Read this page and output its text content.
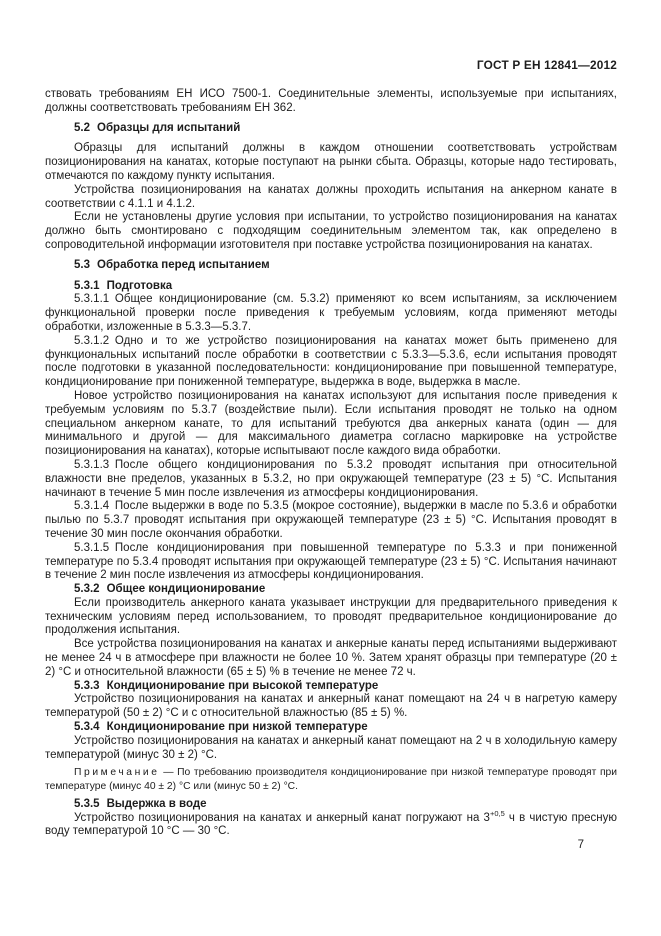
ГОСТ Р ЕН 12841—2012

ствовать требованиям ЕН ИСО 7500-1. Соединительные элементы, используемые при испытаниях, должны соответствовать требованиям ЕН 362.

5.2 Образцы для испытаний

Образцы для испытаний должны в каждом отношении соответствовать устройствам позиционирования на канатах, которые поступают на рынки сбыта. Образцы, которые надо тестировать, отмечаются по каждому пункту испытания.

Устройства позиционирования на канатах должны проходить испытания на анкерном канате в соответствии с 4.1.1 и 4.1.2.

Если не установлены другие условия при испытании, то устройство позиционирования на канатах должно быть смонтировано с подходящим соединительным элементом так, как определено в сопроводительной информации изготовителя при поставке устройства позиционирования на канатах.

5.3 Обработка перед испытанием
5.3.1 Подготовка

5.3.1.1 Общее кондиционирование (см. 5.3.2) применяют ко всем испытаниям, за исключением функциональной проверки после приведения к требуемым условиям, когда применяют методы обработки, изложенные в 5.3.3—5.3.7.

5.3.1.2 Одно и то же устройство позиционирования на канатах может быть применено для функциональных испытаний после обработки в соответствии с 5.3.3—5.3.6, если испытания проводят после подготовки в указанной последовательности: кондиционирование при повышенной температуре, кондиционирование при пониженной температуре, выдержка в воде, выдержка в масле.

Новое устройство позиционирования на канатах используют для испытания после приведения к требуемым условиям по 5.3.7 (воздействие пыли). Если испытания проводят не только на одном специальном анкерном канате, то для испытаний требуются два анкерных каната (один — для минимального и другой — для максимального диаметра согласно маркировке на устройстве позиционирования на канатах), которые испытывают после каждого вида обработки.

5.3.1.3 После общего кондиционирования по 5.3.2 проводят испытания при относительной влажности вне пределов, указанных в 5.3.2, но при окружающей температуре (23 ± 5) °С. Испытания начинают в течение 5 мин после извлечения из атмосферы кондиционирования.

5.3.1.4 После выдержки в воде по 5.3.5 (мокрое состояние), выдержки в масле по 5.3.6 и обработки пылью по 5.3.7 проводят испытания при окружающей температуре (23 ± 5) °С. Испытания проводят в течение 30 мин после окончания обработки.

5.3.1.5 После кондиционирования при повышенной температуре по 5.3.3 и при пониженной температуре по 5.3.4 проводят испытания при окружающей температуре (23 ± 5) °С. Испытания начинают в течение 2 мин после извлечения из атмосферы кондиционирования.

5.3.2 Общее кондиционирование

Если производитель анкерного каната указывает инструкции для предварительного приведения к техническим условиям перед использованием, то проводят предварительное кондиционирование до продолжения испытания.

Все устройства позиционирования на канатах и анкерные канаты перед испытаниями выдерживают не менее 24 ч в атмосфере при влажности не более 10 %. Затем хранят образцы при температуре (20 ± 2) °С и относительной влажности (65 ± 5) % в течение не менее 72 ч.

5.3.3 Кондиционирование при высокой температуре

Устройство позиционирования на канатах и анкерный канат помещают на 24 ч в нагретую камеру температурой (50 ± 2) °С и с относительной влажностью (85 ± 5) %.

5.3.4 Кондиционирование при низкой температуре

Устройство позиционирования на канатах и анкерный канат помещают на 2 ч в холодильную камеру температурой (минус 30 ± 2) °С.

Примечание — По требованию производителя кондиционирование при низкой температуре проводят при температуре (минус 40 ± 2) °С или (минус 50 ± 2) °С.

5.3.5 Выдержка в воде

Устройство позиционирования на канатах и анкерный канат погружают на $3^{+0,5}$ ч в чистую пресную воду температурой 10 °С — 30 °С.

7
